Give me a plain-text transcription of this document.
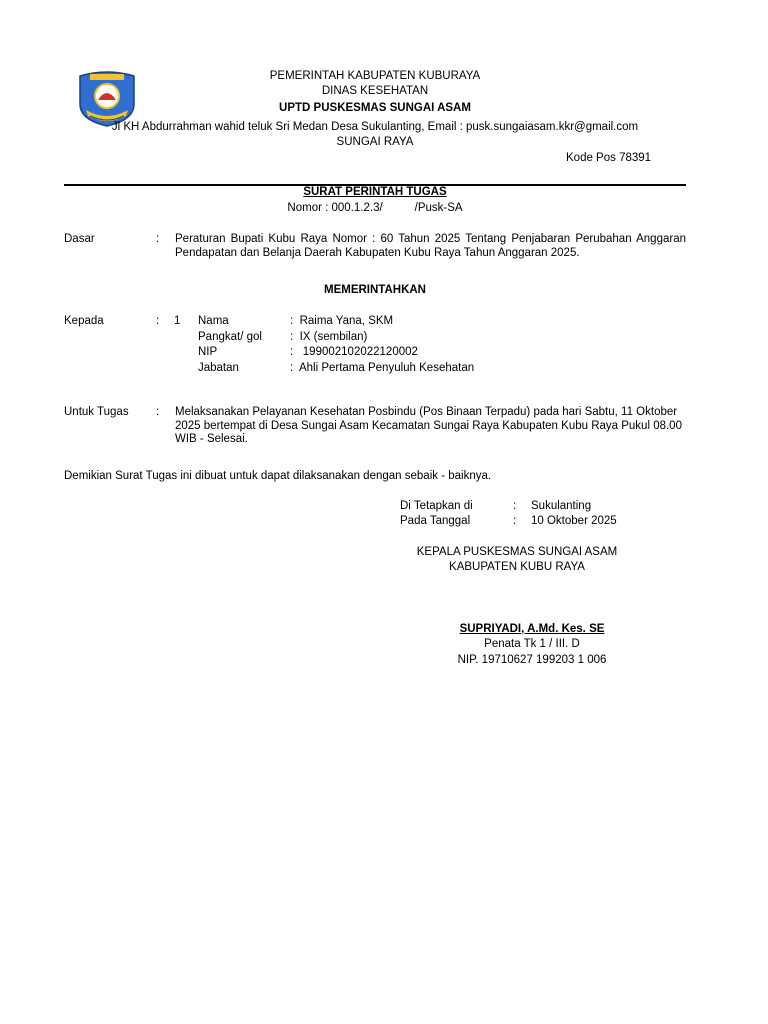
PEMERINTAH KABUPATEN KUBURAYA
DINAS KESEHATAN
UPTD PUSKESMAS SUNGAI ASAM
Jl KH Abdurrahman wahid teluk Sri Medan Desa Sukulanting, Email : pusk.sungaiasam.kkr@gmail.com
SUNGAI RAYA
Kode Pos 78391
SURAT PERINTAH TUGAS
Nomor : 000.1.2.3/          /Pusk-SA
Dasar	: Peraturan Bupati Kubu Raya Nomor : 60 Tahun 2025 Tentang Penjabaran Perubahan Anggaran Pendapatan dan Belanja Daerah Kabupaten Kubu Raya Tahun Anggaran 2025.
MEMERINTAHKAN
Kepada	: 1 Nama	:  Raima Yana, SKM
Pangkat/ gol :  IX (sembilan)
NIP	:   199002102022120002
Jabatan	:  Ahli Pertama Penyuluh Kesehatan
Untuk Tugas : Melaksanakan Pelayanan Kesehatan Posbindu (Pos Binaan Terpadu) pada hari Sabtu, 11 Oktober 2025 bertempat di Desa Sungai Asam Kecamatan Sungai Raya Kabupaten Kubu Raya Pukul 08.00 WIB - Selesai.
Demikian Surat Tugas ini dibuat untuk dapat dilaksanakan dengan sebaik - baiknya.
Di Tetapkan di	: Sukulanting
Pada Tanggal	: 10 Oktober 2025
KEPALA PUSKESMAS SUNGAI ASAM
KABUPATEN KUBU RAYA
SUPRIYADI, A.Md. Kes. SE
Penata Tk 1 / III. D
NIP. 19710627 199203 1 006
